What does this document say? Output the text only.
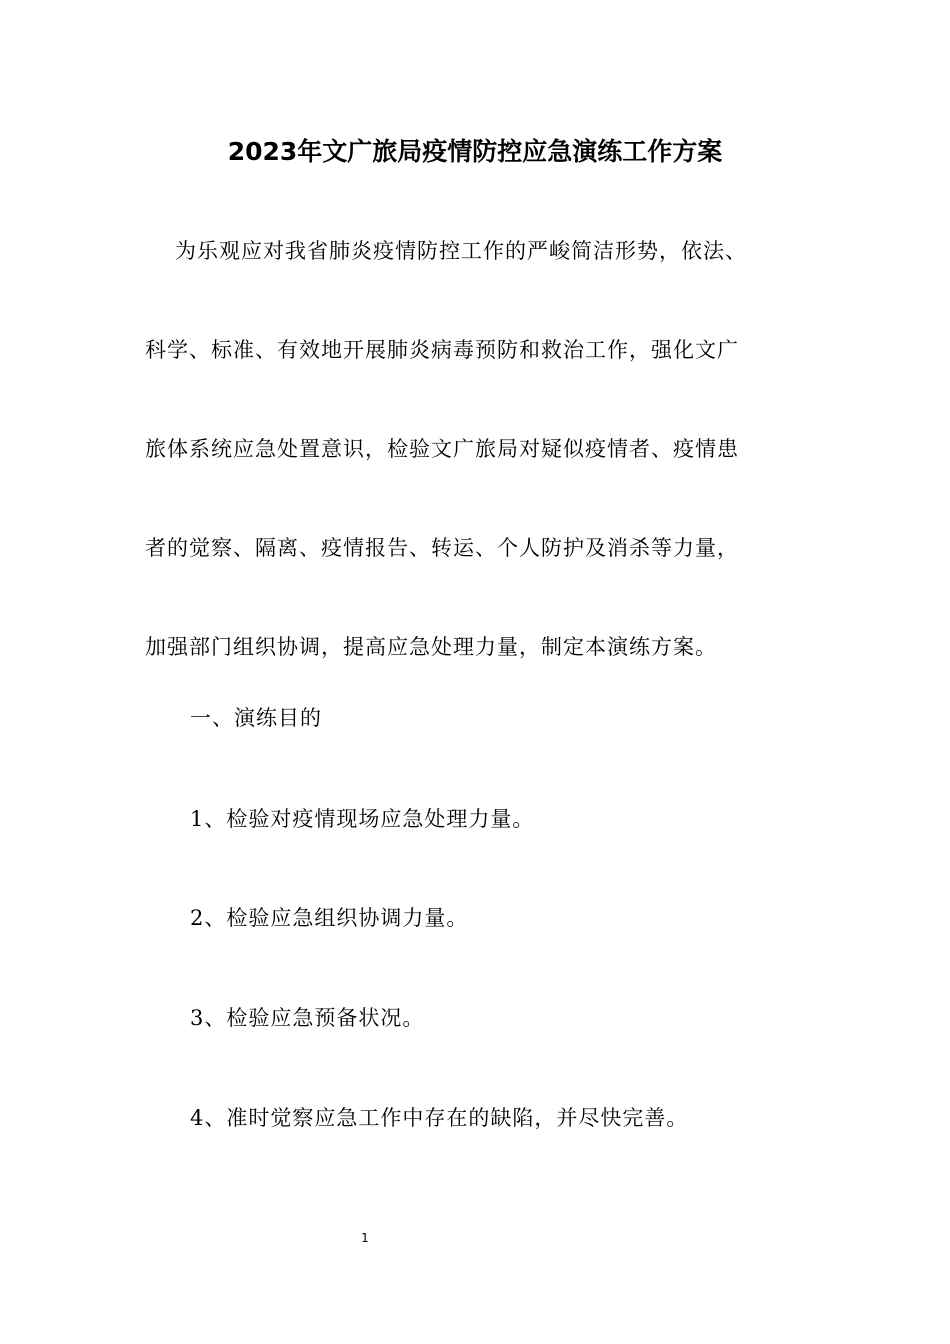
2023年文广旅局疫情防控应急演练工作方案

为乐观应对我省肺炎疫情防控工作的严峻简洁形势，依法、
科学、标准、有效地开展肺炎病毒预防和救治工作，强化文广
旅体系统应急处置意识，检验文广旅局对疑似疫情者、疫情患
者的觉察、隔离、疫情报告、转运、个人防护及消杀等力量，
加强部门组织协调，提高应急处理力量，制定本演练方案。

一、演练目的

1、检验对疫情现场应急处理力量。

2、检验应急组织协调力量。

3、检验应急预备状况。

4、准时觉察应急工作中存在的缺陷，并尽快完善。

1
